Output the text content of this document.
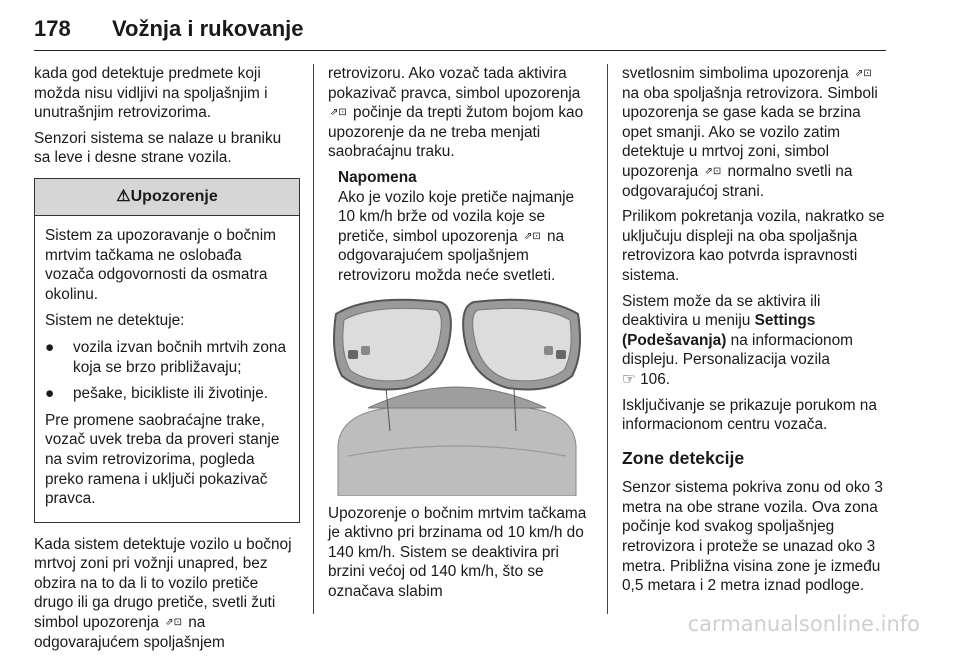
178 Vožnja i rukovanje

kada god detektuje predmete koji možda nisu vidljivi na spoljašnjim i unutrašnjim retrovizorima.

Senzori sistema se nalaze u braniku sa leve i desne strane vozila.

⚠ Upozorenje

Sistem za upozoravanje o bočnim mrtvim tačkama ne oslobađa vozača odgovornosti da osmatra okolinu.

Sistem ne detektuje:

●	vozila izvan bočnih mrtvih zona koja se brzo približavaju;
●	pešake, bicikliste ili životinje.

Pre promene saobraćajne trake, vozač uvek treba da proveri stanje na svim retrovizorima, pogleda preko ramena i uključi pokazivač pravca.

Kada sistem detektuje vozilo u bočnoj mrtvoj zoni pri vožnji unapred, bez obzira na to da li to vozilo pretiče drugo ili ga drugo pretiče, svetli žuti simbol upozorenja ⇗⊡ na odgovarajućem spoljašnjem

retrovizoru. Ako vozač tada aktivira pokazivač pravca, simbol upozorenja ⇗⊡ počinje da trepti žutom bojom kao upozorenje da ne treba menjati saobraćajnu traku.

Napomena
Ako je vozilo koje pretiče najmanje 10 km/h brže od vozila koje se pretiče, simbol upozorenja ⇗⊡ na odgovarajućem spoljašnjem retrovizoru možda neće svetleti.

Upozorenje o bočnim mrtvim tačkama je aktivno pri brzinama od 10 km/h do 140 km/h. Sistem se deaktivira pri brzini većoj od 140 km/h, što se označava slabim

svetlosnim simbolima upozorenja ⇗⊡ na oba spoljašnja retrovizora. Simboli upozorenja se gase kada se brzina opet smanji. Ako se vozilo zatim detektuje u mrtvoj zoni, simbol upozorenja ⇗⊡ normalno svetli na odgovarajućoj strani.

Prilikom pokretanja vozila, nakratko se uključuju displeji na oba spoljašnja retrovizora kao potvrda ispravnosti sistema.

Sistem može da se aktivira ili deaktivira u meniju Settings (Podešavanja) na informacionom displeju. Personalizacija vozila
☞ 106.

Isključivanje se prikazuje porukom na informacionom centru vozača.

Zone detekcije

Senzor sistema pokriva zonu od oko 3 metra na obe strane vozila. Ova zona počinje kod svakog spoljašnjeg retrovizora i proteže se unazad oko 3 metra. Približna visina zone je između 0,5 metara i 2 metra iznad podloge.

carmanualsonline.info
